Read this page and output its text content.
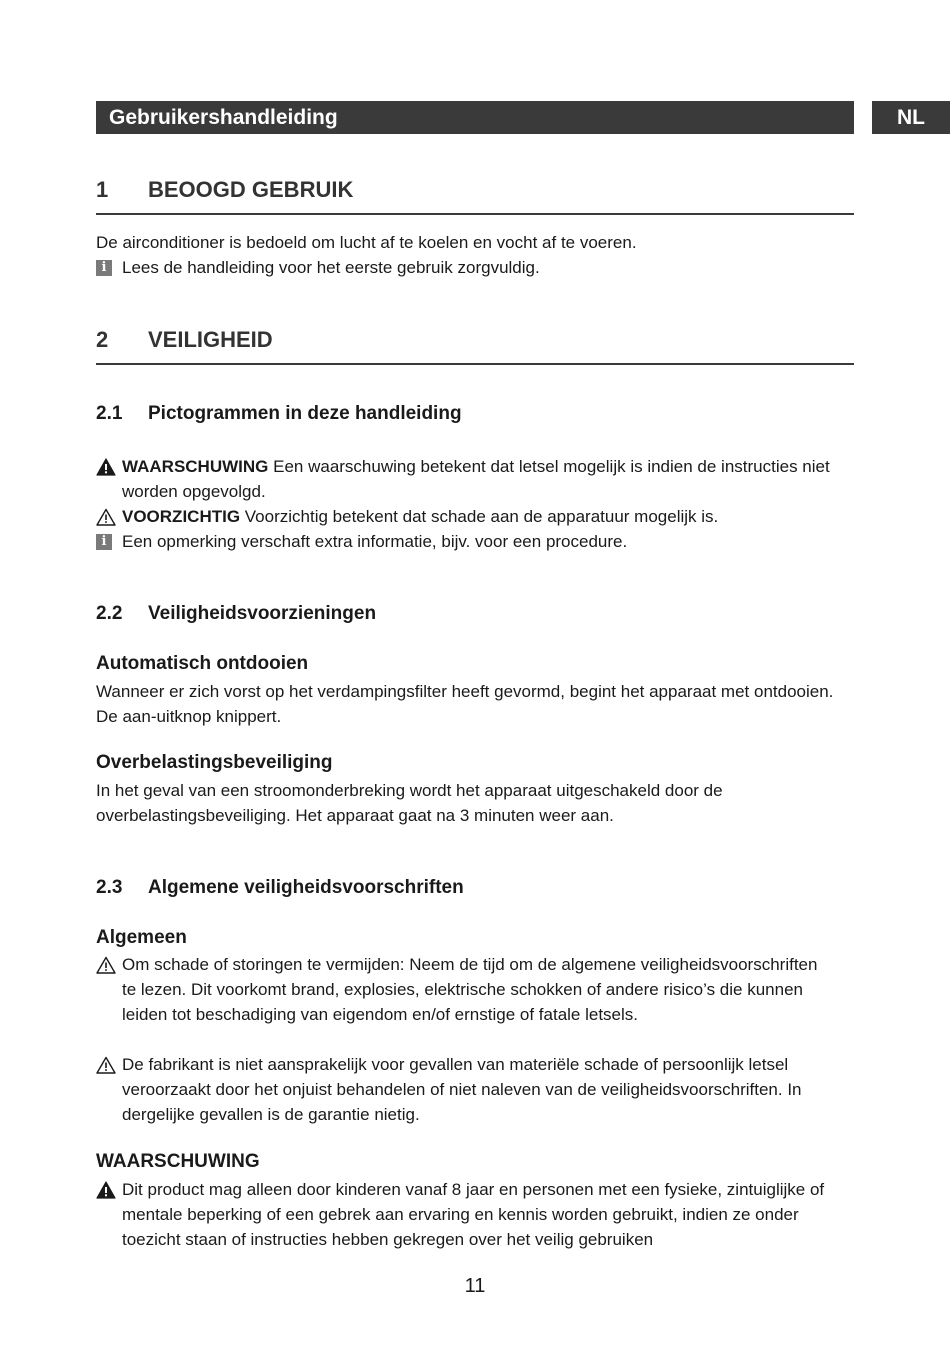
Gebruikershandleiding	NL
1 BEOOGD GEBRUIK

De airconditioner is bedoeld om lucht af te koelen en vocht af te voeren.

i Lees de handleiding voor het eerste gebruik zorgvuldig.
2 VEILIGHEID
2.1 Pictogrammen in deze handleiding
WAARSCHUWING Een waarschuwing betekent dat letsel mogelijk is indien de instructies niet worden opgevolgd.
VOORZICHTIG Voorzichtig betekent dat schade aan de apparatuur mogelijk is.
i Een opmerking verschaft extra informatie, bijv. voor een procedure.
2.2 Veiligheidsvoorzieningen
Automatisch ontdooien

Wanneer er zich vorst op het verdampingsfilter heeft gevormd, begint het apparaat met ontdooien. De aan-uitknop knippert.

Overbelastingsbeveiliging

In het geval van een stroomonderbreking wordt het apparaat uitgeschakeld door de overbelastingsbeveiliging. Het apparaat gaat na 3 minuten weer aan.

2.3 Algemene veiligheidsvoorschriften
Algemeen
Om schade of storingen te vermijden: Neem de tijd om de algemene veiligheidsvoorschriften te lezen. Dit voorkomt brand, explosies, elektrische schokken of andere risico’s die kunnen leiden tot beschadiging van eigendom en/of ernstige of fatale letsels.
De fabrikant is niet aansprakelijk voor gevallen van materiële schade of persoonlijk letsel veroorzaakt door het onjuist behandelen of niet naleven van de veiligheidsvoorschriften. In dergelijke gevallen is de garantie nietig.
WAARSCHUWING
Dit product mag alleen door kinderen vanaf 8 jaar en personen met een fysieke, zintuiglijke of mentale beperking of een gebrek aan ervaring en kennis worden gebruikt, indien ze onder toezicht staan of instructies hebben gekregen over het veilig gebruiken
11
